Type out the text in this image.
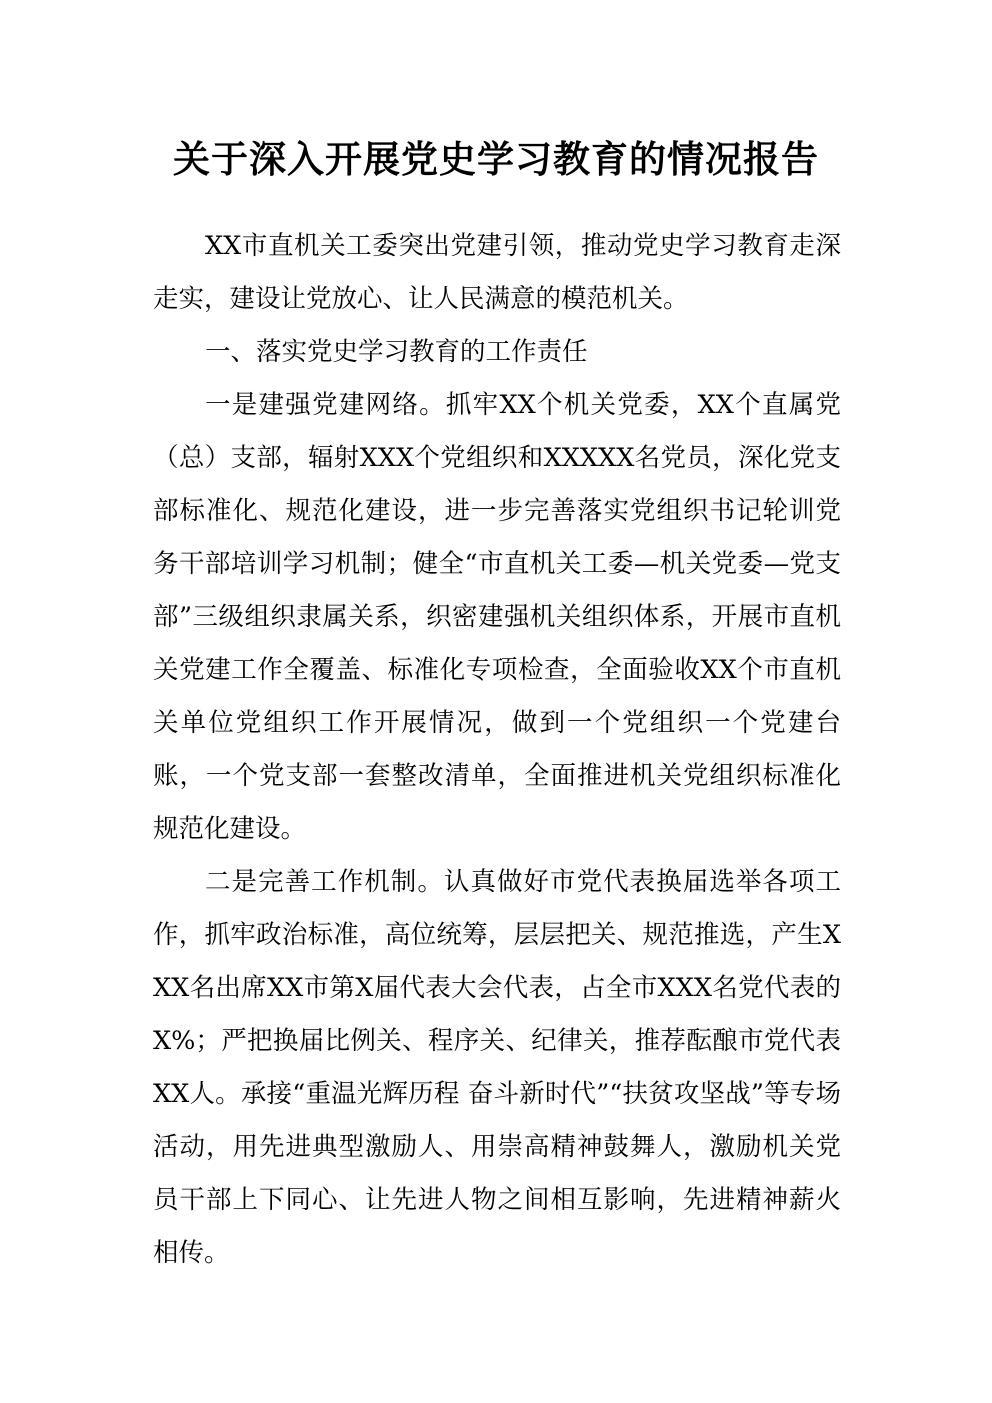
关于深入开展党史学习教育的情况报告

XX市直机关工委突出党建引领，推动党史学习教育走深走实，建设让党放心、让人民满意的模范机关。

一、落实党史学习教育的工作责任

一是建强党建网络。抓牢XX个机关党委，XX个直属党（总）支部，辐射XXX个党组织和XXXXX名党员，深化党支部标准化、规范化建设，进一步完善落实党组织书记轮训党务干部培训学习机制；健全“市直机关工委—机关党委—党支部”三级组织隶属关系，织密建强机关组织体系，开展市直机关党建工作全覆盖、标准化专项检查，全面验收XX个市直机关单位党组织工作开展情况，做到一个党组织一个党建台账，一个党支部一套整改清单，全面推进机关党组织标准化规范化建设。

二是完善工作机制。认真做好市党代表换届选举各项工作，抓牢政治标准，高位统筹，层层把关、规范推选，产生XXX名出席XX市第X届代表大会代表，占全市XXX名党代表的X%；严把换届比例关、程序关、纪律关，推荐酝酿市党代表XX人。承接“重温光辉历程 奋斗新时代”“扶贫攻坚战”等专场活动，用先进典型激励人、用崇高精神鼓舞人，激励机关党员干部上下同心、让先进人物之间相互影响，先进精神薪火相传。
